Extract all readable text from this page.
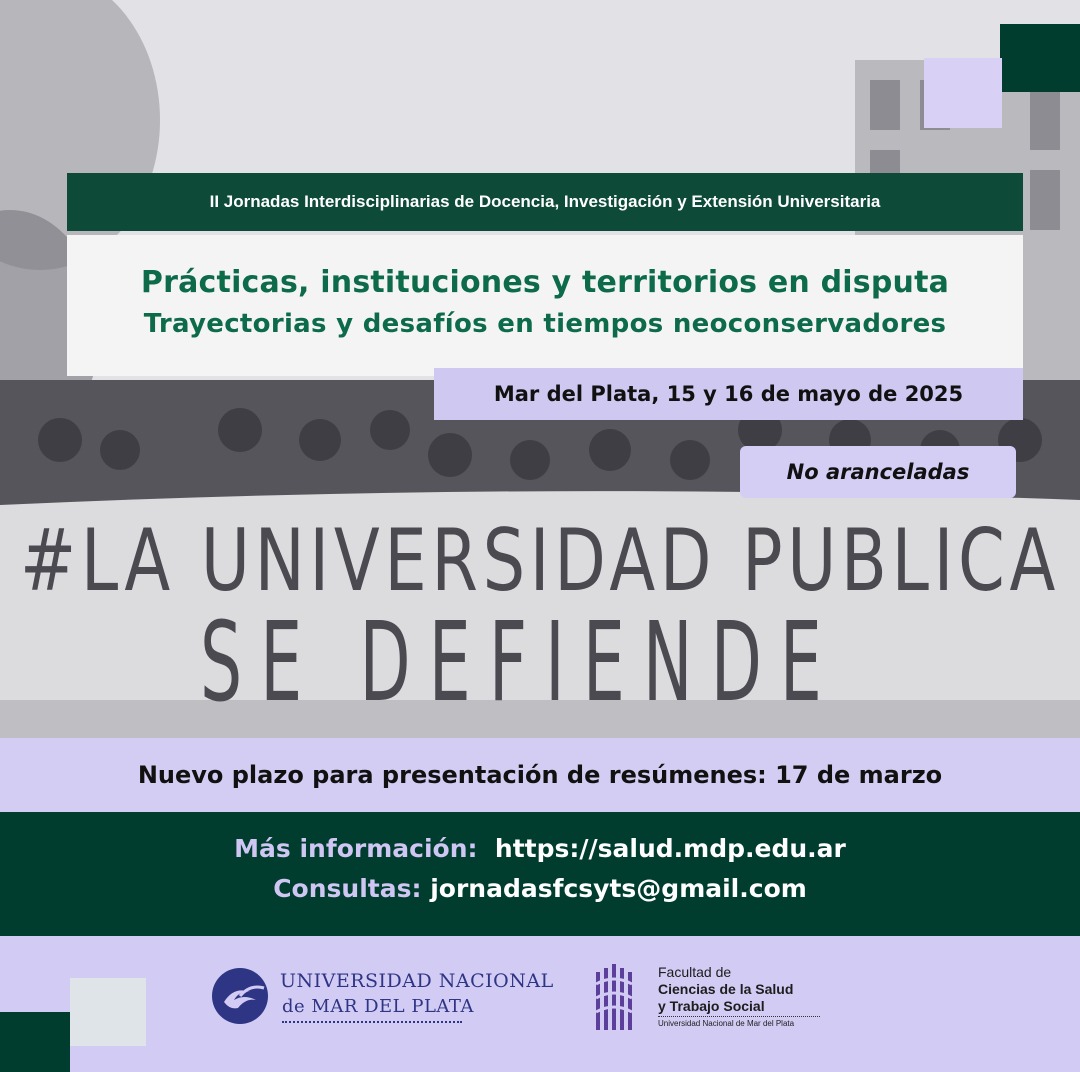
#LA UNIVERSIDAD PUBLICA
SE DEFIENDE
II Jornadas Interdisciplinarias de Docencia, Investigación y Extensión Universitaria
Prácticas, instituciones y territorios en disputa
Trayectorias y desafíos en tiempos neoconservadores
Mar del Plata, 15 y 16 de mayo de 2025
No aranceladas
Nuevo plazo para presentación de resúmenes: 17 de marzo
Más información: https://salud.mdp.edu.ar
Consultas: jornadasfcsyts@gmail.com
UNIVERSIDAD NACIONAL
de MAR DEL PLATA
Facultad de
Ciencias de la Salud
y Trabajo Social
Universidad Nacional de Mar del Plata
